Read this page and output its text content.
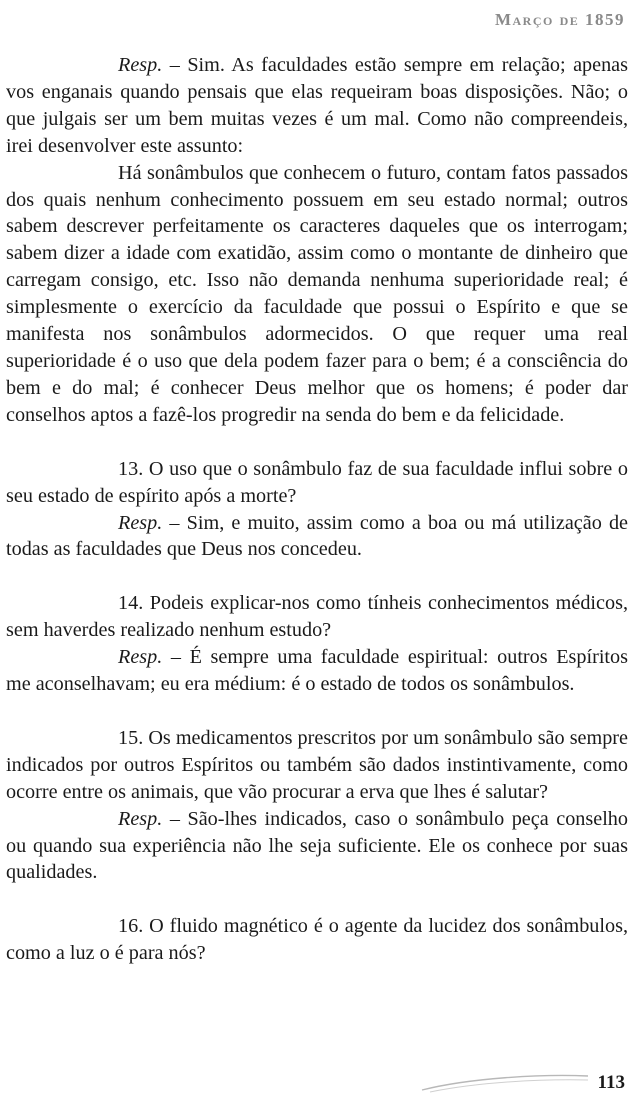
Março de 1859

Resp. – Sim. As faculdades estão sempre em relação; apenas vos enganais quando pensais que elas requeiram boas disposições. Não; o que julgais ser um bem muitas vezes é um mal. Como não compreendeis, irei desenvolver este assunto:

Há sonâmbulos que conhecem o futuro, contam fatos passados dos quais nenhum conhecimento possuem em seu estado normal; outros sabem descrever perfeitamente os caracteres daqueles que os interrogam; sabem dizer a idade com exatidão, assim como o montante de dinheiro que carregam consigo, etc. Isso não demanda nenhuma superioridade real; é simplesmente o exercício da faculdade que possui o Espírito e que se manifesta nos sonâmbulos adormecidos. O que requer uma real superioridade é o uso que dela podem fazer para o bem; é a consciência do bem e do mal; é conhecer Deus melhor que os homens; é poder dar conselhos aptos a fazê-los progredir na senda do bem e da felicidade.

13. O uso que o sonâmbulo faz de sua faculdade influi sobre o seu estado de espírito após a morte?

Resp. – Sim, e muito, assim como a boa ou má utilização de todas as faculdades que Deus nos concedeu.

14. Podeis explicar-nos como tínheis conhecimentos médicos, sem haverdes realizado nenhum estudo?

Resp. – É sempre uma faculdade espiritual: outros Espíritos me aconselhavam; eu era médium: é o estado de todos os sonâmbulos.

15. Os medicamentos prescritos por um sonâmbulo são sempre indicados por outros Espíritos ou também são dados instintivamente, como ocorre entre os animais, que vão procurar a erva que lhes é salutar?

Resp. – São-lhes indicados, caso o sonâmbulo peça conselho ou quando sua experiência não lhe seja suficiente. Ele os conhece por suas qualidades.

16. O fluido magnético é o agente da lucidez dos sonâmbulos, como a luz o é para nós?

113
